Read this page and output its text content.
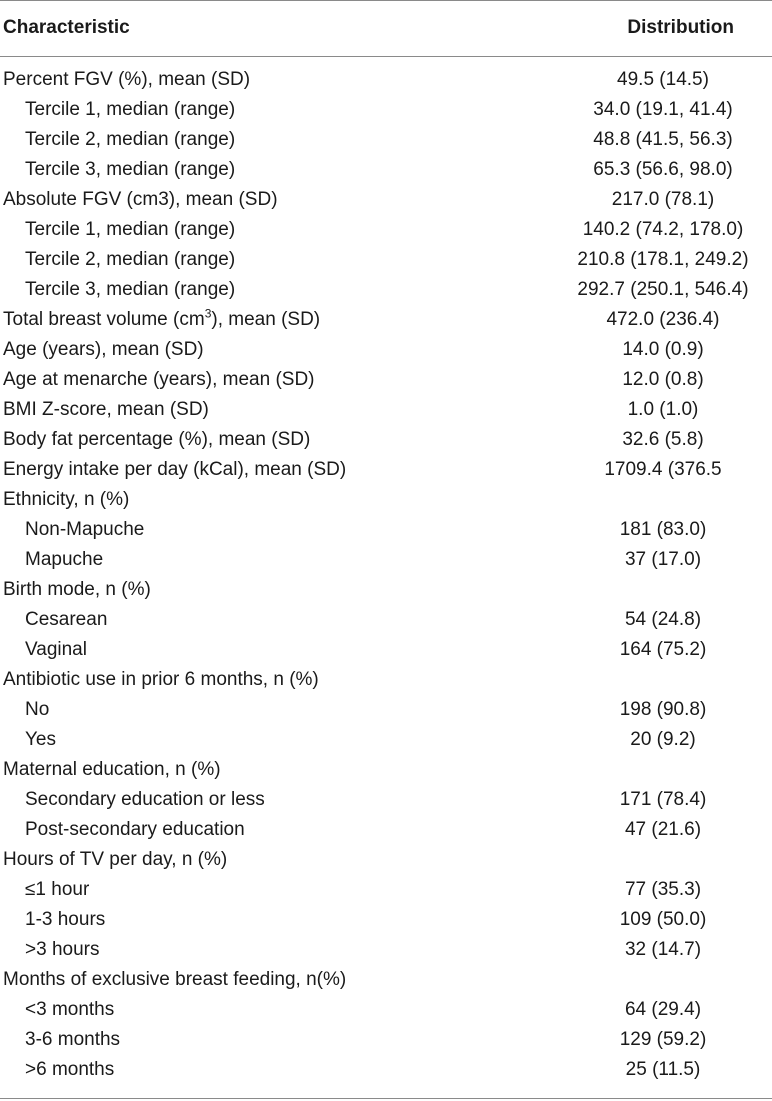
Characteristic	Distribution
Percent FGV (%), mean (SD)	49.5 (14.5)
Tercile 1, median (range)	34.0 (19.1, 41.4)
Tercile 2, median (range)	48.8 (41.5, 56.3)
Tercile 3, median (range)	65.3 (56.6, 98.0)
Absolute FGV (cm3), mean (SD)	217.0 (78.1)
Tercile 1, median (range)	140.2 (74.2, 178.0)
Tercile 2, median (range)	210.8 (178.1, 249.2)
Tercile 3, median (range)	292.7 (250.1, 546.4)
Total breast volume $(cm^3)$, mean (SD)	472.0 (236.4)
Age (years), mean (SD)	14.0 (0.9)
Age at menarche (years), mean (SD)	12.0 (0.8)
BMI Z-score, mean (SD)	1.0 (1.0)
Body fat percentage (%), mean (SD)	32.6 (5.8)
Energy intake per day (kCal), mean (SD)	1709.4 (376.5
Ethnicity, n (%)
Non-Mapuche	181 (83.0)
Mapuche	37 (17.0)
Birth mode, n (%)
Cesarean	54 (24.8)
Vaginal	164 (75.2)
Antibiotic use in prior 6 months, n (%)
No	198 (90.8)
Yes	20 (9.2)
Maternal education, n (%)
Secondary education or less	171 (78.4)
Post-secondary education	47 (21.6)
Hours of TV per day, n (%)
≤1 hour	77 (35.3)
1-3 hours	109 (50.0)
>3 hours	32 (14.7)
Months of exclusive breast feeding, n(%)
<3 months	64 (29.4)
3-6 months	129 (59.2)
>6 months	25 (11.5)
